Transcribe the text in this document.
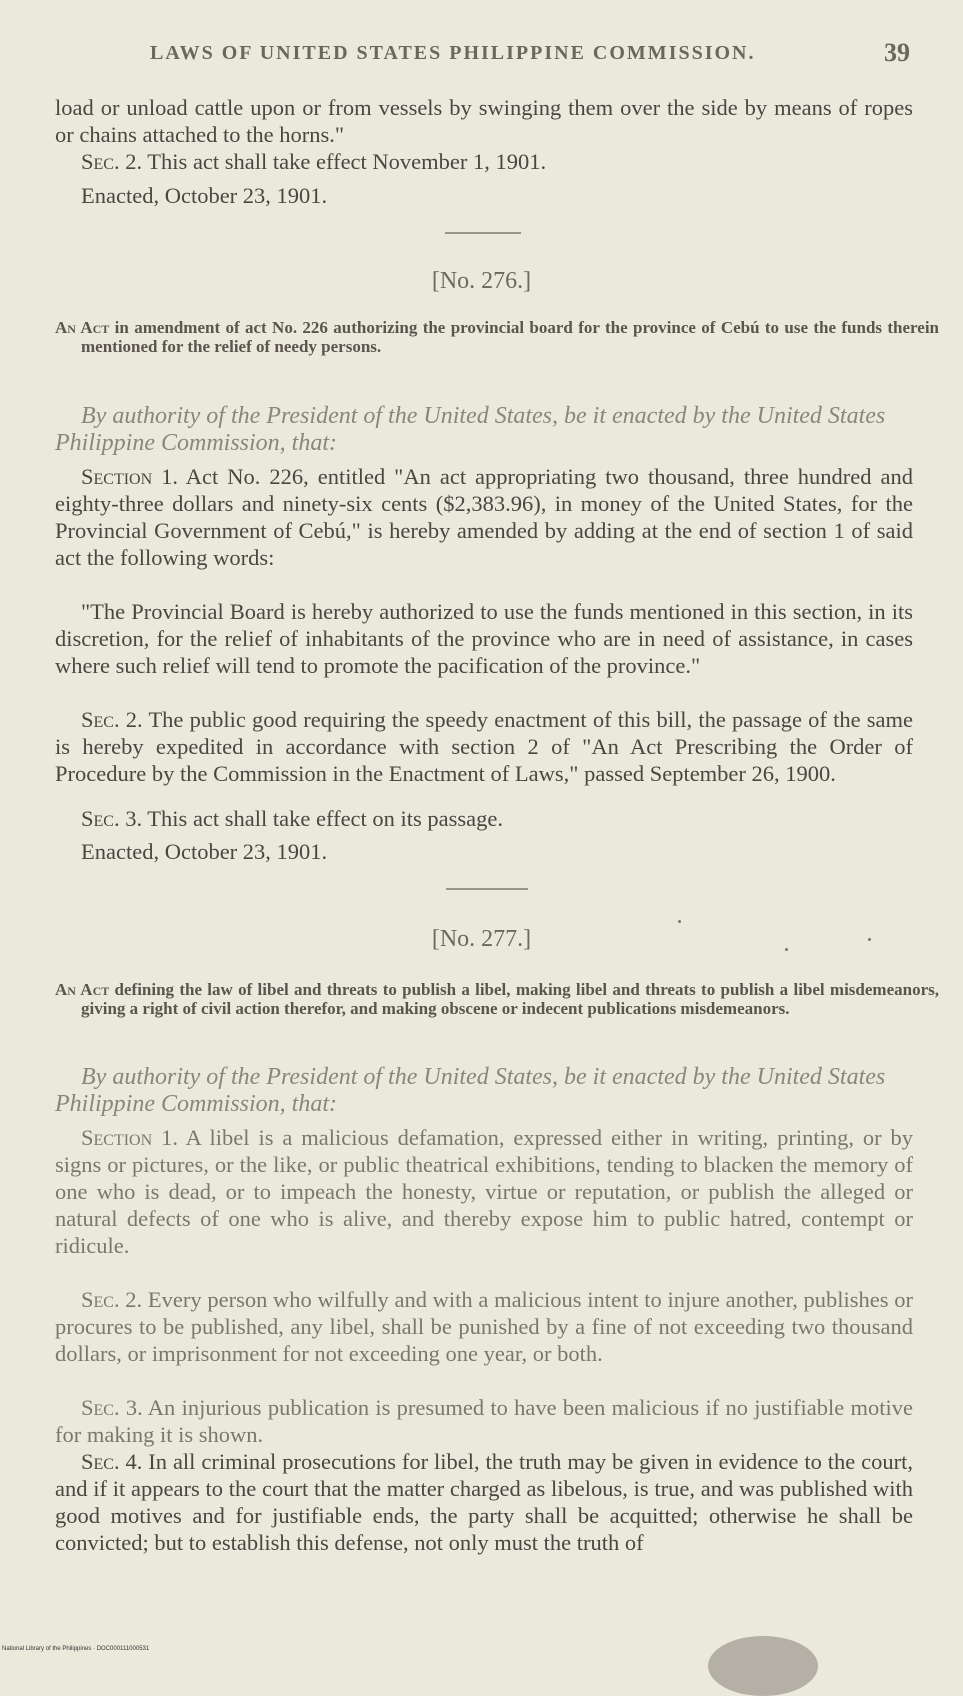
LAWS OF UNITED STATES PHILIPPINE COMMISSION.	39

load or unload cattle upon or from vessels by swinging them over the side by means of ropes or chains attached to the horns."

Sec. 2. This act shall take effect November 1, 1901.

Enacted, October 23, 1901.

[No. 276.]

An Act in amendment of act No. 226 authorizing the provincial board for the province of Cebú to use the funds therein mentioned for the relief of needy persons.

By authority of the President of the United States, be it enacted by the United States Philippine Commission, that:

Section 1. Act No. 226, entitled "An act appropriating two thousand, three hundred and eighty-three dollars and ninety-six cents ($2,383.96), in money of the United States, for the Provincial Government of Cebú," is hereby amended by adding at the end of section 1 of said act the following words:

"The Provincial Board is hereby authorized to use the funds mentioned in this section, in its discretion, for the relief of inhabitants of the province who are in need of assistance, in cases where such relief will tend to promote the pacification of the province."

Sec. 2. The public good requiring the speedy enactment of this bill, the passage of the same is hereby expedited in accordance with section 2 of "An Act Prescribing the Order of Procedure by the Commission in the Enactment of Laws," passed September 26, 1900.

Sec. 3. This act shall take effect on its passage.

Enacted, October 23, 1901.

[No. 277.]

An Act defining the law of libel and threats to publish a libel, making libel and threats to publish a libel misdemeanors, giving a right of civil action therefor, and making obscene or indecent publications misdemeanors.

By authority of the President of the United States, be it enacted by the United States Philippine Commission, that:

Section 1. A libel is a malicious defamation, expressed either in writing, printing, or by signs or pictures, or the like, or public theatrical exhibitions, tending to blacken the memory of one who is dead, or to impeach the honesty, virtue or reputation, or publish the alleged or natural defects of one who is alive, and thereby expose him to public hatred, contempt or ridicule.

Sec. 2. Every person who wilfully and with a malicious intent to injure another, publishes or procures to be published, any libel, shall be punished by a fine of not exceeding two thousand dollars, or imprisonment for not exceeding one year, or both.

Sec. 3. An injurious publication is presumed to have been malicious if no justifiable motive for making it is shown.

Sec. 4. In all criminal prosecutions for libel, the truth may be given in evidence to the court, and if it appears to the court that the matter charged as libelous, is true, and was published with good motives and for justifiable ends, the party shall be acquitted; otherwise he shall be convicted; but to establish this defense, not only must the truth of

National Library of the Philippines · DOC000111000531
